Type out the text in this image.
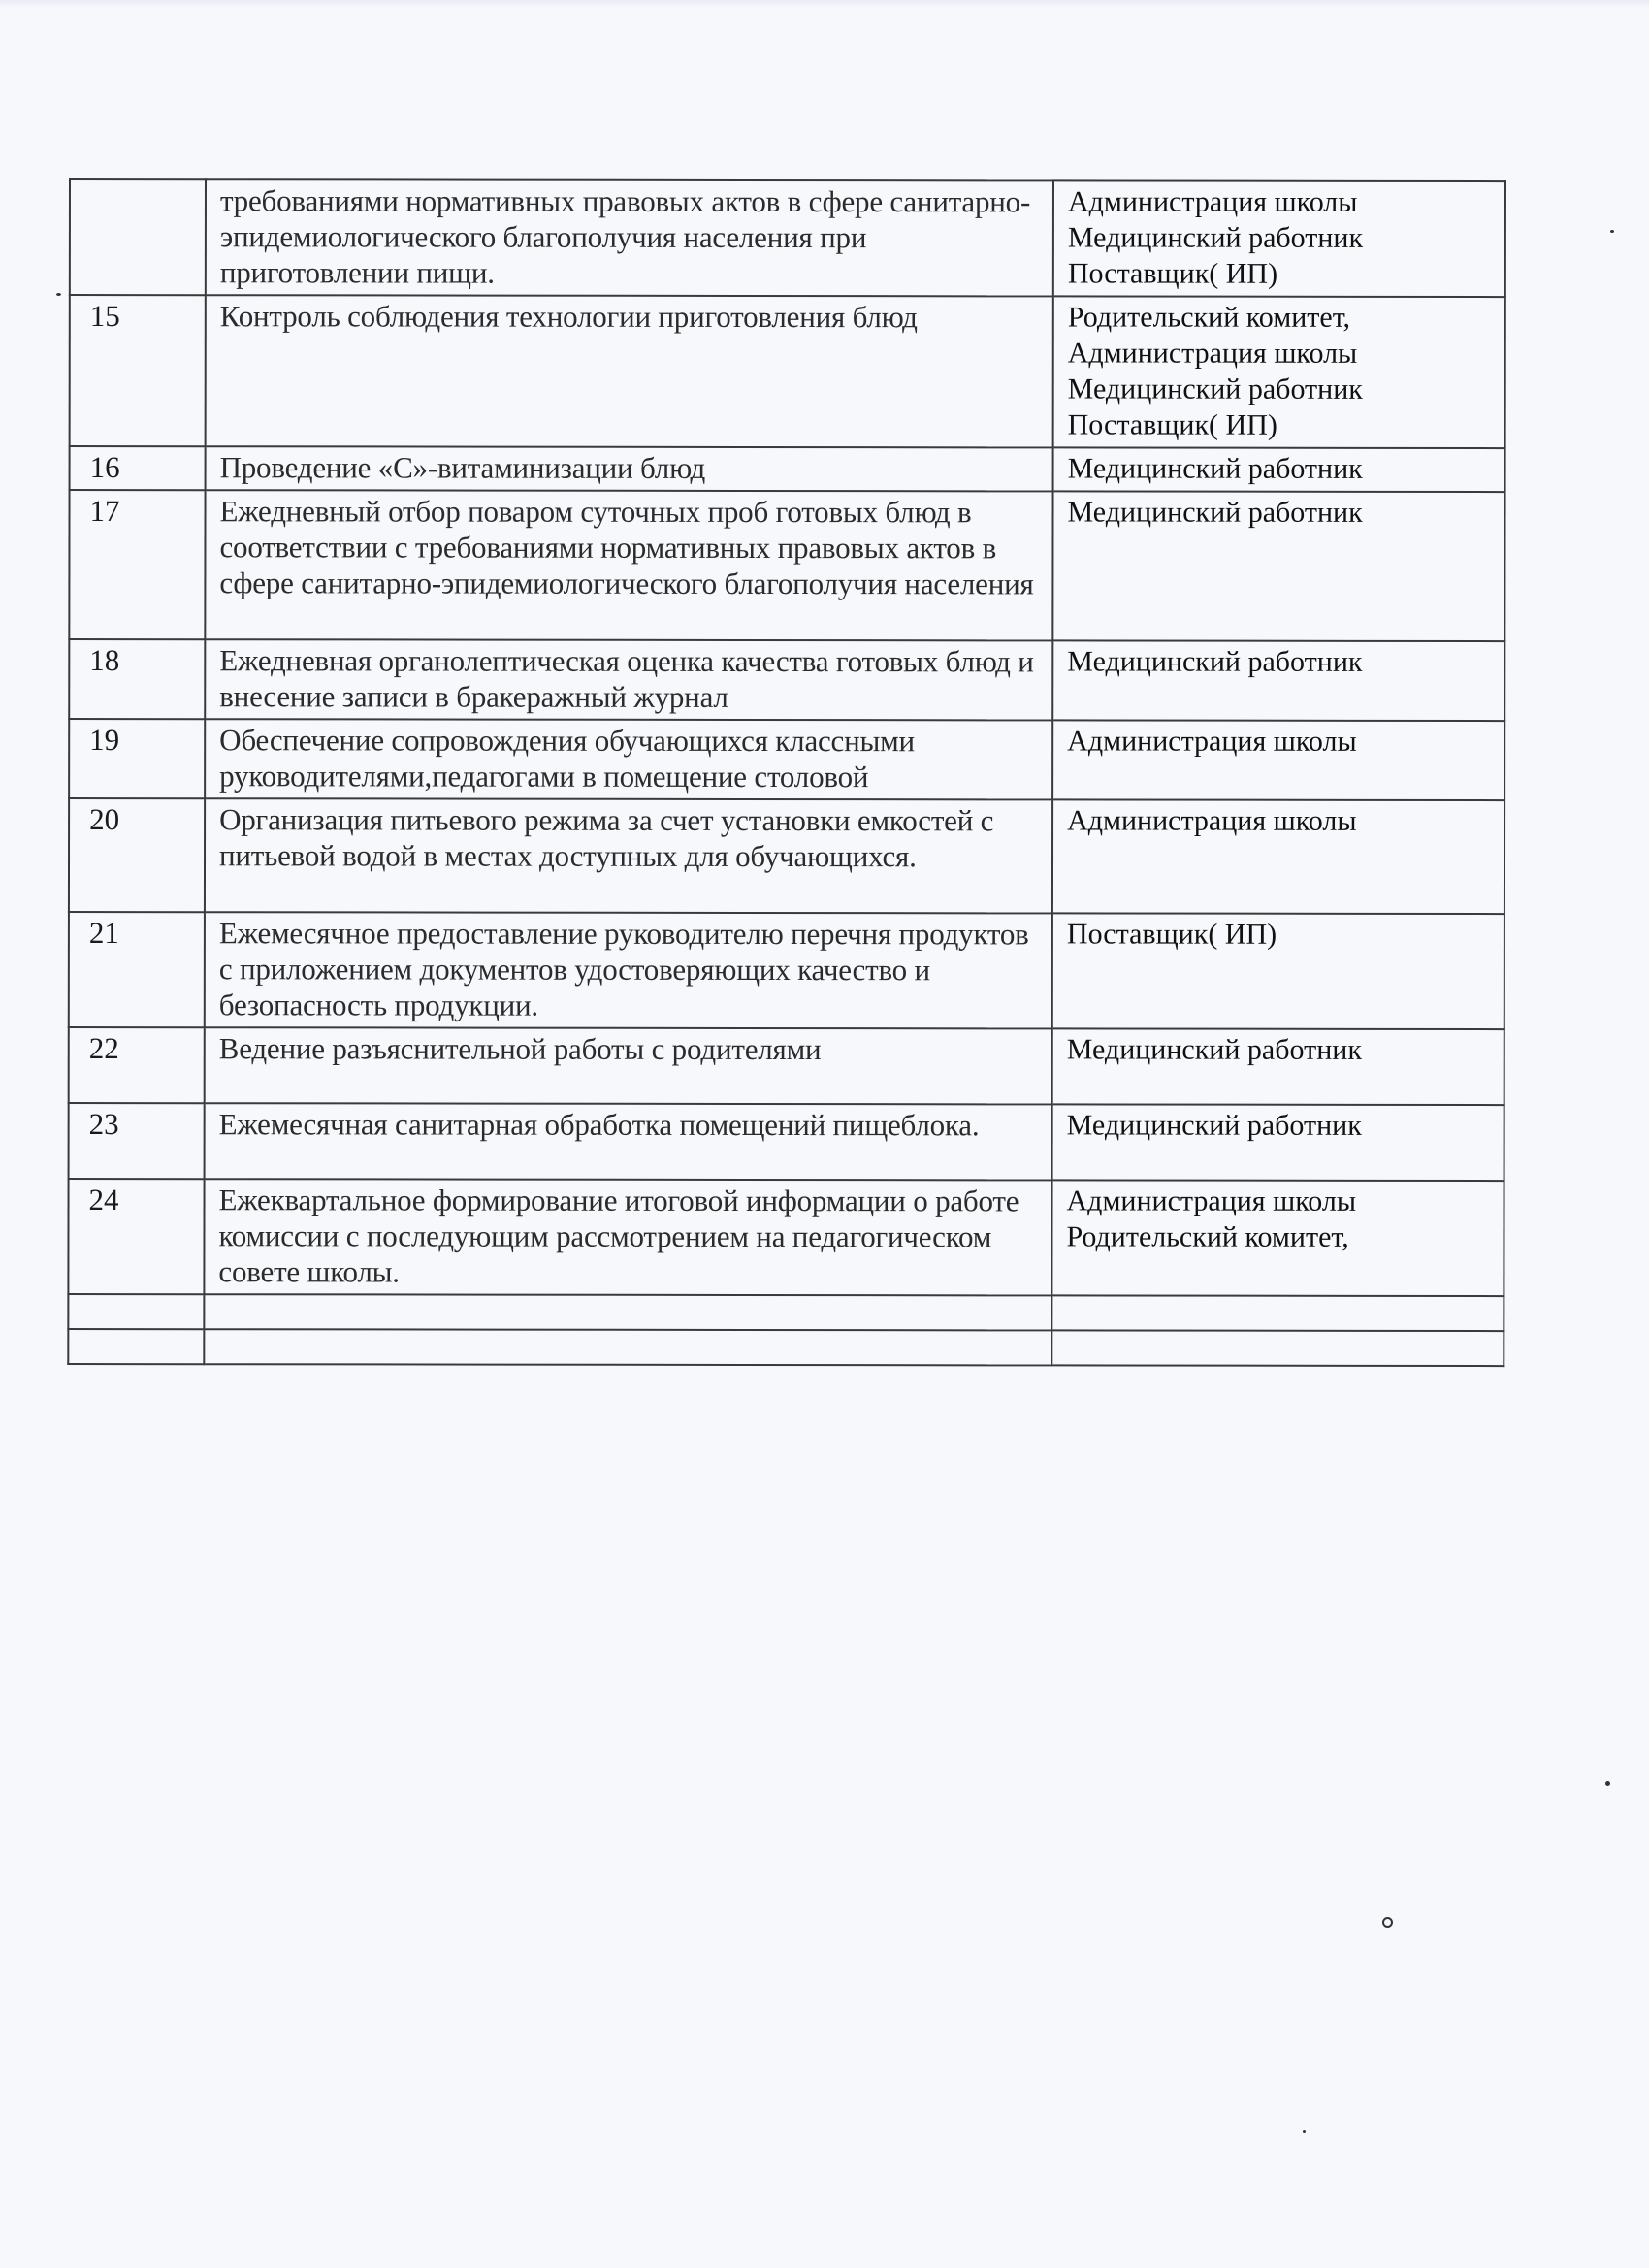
	требованиями нормативных правовых актов в сфере санитарно-эпидемиологического благополучия населения при приготовлении пищи.	Администрация школы
Медицинский работник
Поставщик( ИП)

15	Контроль соблюдения технологии приготовления блюд	Родительский комитет,
Администрация школы
Медицинский работник
Поставщик( ИП)

16	Проведение «С»-витаминизации блюд	Медицинский работник

17	Ежедневный отбор поваром суточных проб готовых блюд в соответствии с требованиями нормативных правовых актов в сфере санитарно-эпидемиологического благополучия населения	Медицинский работник

18	Ежедневная органолептическая оценка качества готовых блюд и внесение записи в бракеражный журнал	Медицинский работник

19	Обеспечение сопровождения обучающихся классными руководителями,педагогами в помещение столовой	Администрация школы

20	Организация питьевого режима за счет установки емкостей с питьевой водой в местах доступных для обучающихся.	Администрация школы

21	Ежемесячное предоставление руководителю перечня продуктов с приложением документов удостоверяющих качество и безопасность продукции.	Поставщик( ИП)

22	Ведение разъяснительной работы с родителями	Медицинский работник

23	Ежемесячная санитарная обработка помещений пищеблока.	Медицинский работник

24	Ежеквартальное формирование итоговой информации о работе комиссии с последующим рассмотрением на педагогическом совете школы.	Администрация школы
Родительский комитет,
